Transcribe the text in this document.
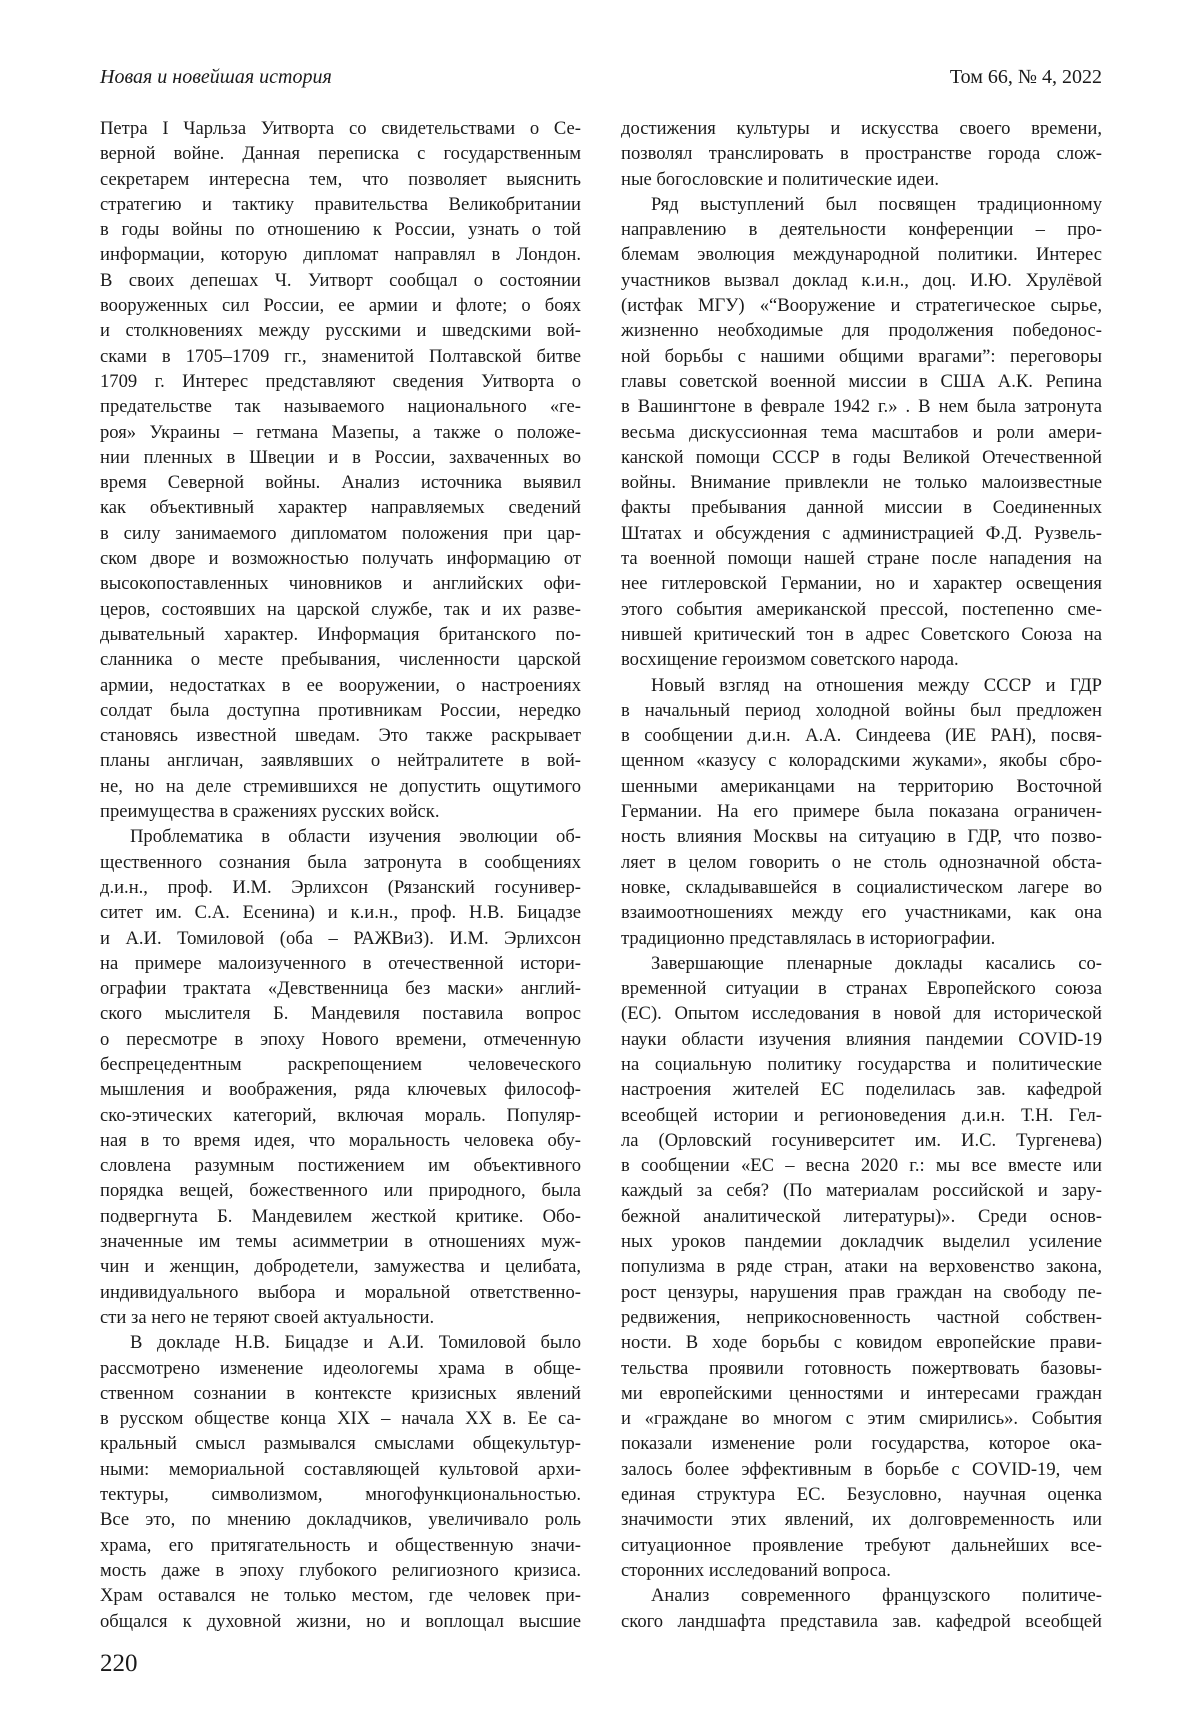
Новая и новейшая история	Том 66, № 4, 2022
Петра I Чарльза Уитворта со свидетельствами о Се-
верной войне. Данная переписка с государственным
секретарем интересна тем, что позволяет выяснить
стратегию и тактику правительства Великобритании
в годы войны по отношению к России, узнать о той
информации, которую дипломат направлял в Лондон.
В своих депешах Ч. Уитворт сообщал о состоянии
вооруженных сил России, ее армии и флоте; о боях
и столкновениях между русскими и шведскими вой-
сками в 1705–1709 гг., знаменитой Полтавской битве
1709 г. Интерес представляют сведения Уитворта о
предательстве так называемого национального «ге-
роя» Украины – гетмана Мазепы, а также о положе-
нии пленных в Швеции и в России, захваченных во
время Северной войны. Анализ источника выявил
как объективный характер направляемых сведений
в силу занимаемого дипломатом положения при цар-
ском дворе и возможностью получать информацию от
высокопоставленных чиновников и английских офи-
церов, состоявших на царской службе, так и их разве-
дывательный характер. Информация британского по-
сланника о месте пребывания, численности царской
армии, недостатках в ее вооружении, о настроениях
солдат была доступна противникам России, нередко
становясь известной шведам. Это также раскрывает
планы англичан, заявлявших о нейтралитете в вой-
не, но на деле стремившихся не допустить ощутимого
преимущества в сражениях русских войск.
Проблематика в области изучения эволюции об-
щественного сознания была затронута в сообщениях
д.и.н., проф. И.М. Эрлихсон (Рязанский госунивер-
ситет им. С.А. Есенина) и к.и.н., проф. Н.В. Бицадзе
и А.И. Томиловой (оба – РАЖВиЗ). И.М. Эрлихсон
на примере малоизученного в отечественной истори-
ографии трактата «Девственница без маски» англий-
ского мыслителя Б. Мандевиля поставила вопрос
о пересмотре в эпоху Нового времени, отмеченную
беспрецедентным раскрепощением человеческого
мышления и воображения, ряда ключевых философ-
ско-этических категорий, включая мораль. Популяр-
ная в то время идея, что моральность человека обу-
словлена разумным постижением им объективного
порядка вещей, божественного или природного, была
подвергнута Б. Мандевилем жесткой критике. Обо-
значенные им темы асимметрии в отношениях муж-
чин и женщин, добродетели, замужества и целибата,
индивидуального выбора и моральной ответственно-
сти за него не теряют своей актуальности.
В докладе Н.В. Бицадзе и А.И. Томиловой было
рассмотрено изменение идеологемы храма в обще-
ственном сознании в контексте кризисных явлений
в русском обществе конца XIX – начала XX в. Ее са-
кральный смысл размывался смыслами общекультур-
ными: мемориальной составляющей культовой архи-
тектуры, символизмом, многофункциональностью.
Все это, по мнению докладчиков, увеличивало роль
храма, его притягательность и общественную значи-
мость даже в эпоху глубокого религиозного кризиса.
Храм оставался не только местом, где человек при-
общался к духовной жизни, но и воплощал высшие
достижения культуры и искусства своего времени,
позволял транслировать в пространстве города слож-
ные богословские и политические идеи.
Ряд выступлений был посвящен традиционному
направлению в деятельности конференции – про-
блемам эволюция международной политики. Интерес
участников вызвал доклад к.и.н., доц. И.Ю. Хрулёвой
(истфак МГУ) «“Вооружение и стратегическое сырье,
жизненно необходимые для продолжения победонос-
ной борьбы с нашими общими врагами”: переговоры
главы советской военной миссии в США А.К. Репина
в Вашингтоне в феврале 1942 г.» . В нем была затронута
весьма дискуссионная тема масштабов и роли амери-
канской помощи СССР в годы Великой Отечественной
войны. Внимание привлекли не только малоизвестные
факты пребывания данной миссии в Соединенных
Штатах и обсуждения с администрацией Ф.Д. Рузвель-
та военной помощи нашей стране после нападения на
нее гитлеровской Германии, но и характер освещения
этого события американской прессой, постепенно сме-
нившей критический тон в адрес Советского Союза на
восхищение героизмом советского народа.
Новый взгляд на отношения между СССР и ГДР
в начальный период холодной войны был предложен
в сообщении д.и.н. А.А. Синдеева (ИЕ РАН), посвя-
щенном «казусу с колорадскими жуками», якобы сбро-
шенными американцами на территорию Восточной
Германии. На его примере была показана ограничен-
ность влияния Москвы на ситуацию в ГДР, что позво-
ляет в целом говорить о не столь однозначной обста-
новке, складывавшейся в социалистическом лагере во
взаимоотношениях между его участниками, как она
традиционно представлялась в историографии.
Завершающие пленарные доклады касались со-
временной ситуации в странах Европейского союза
(ЕС). Опытом исследования в новой для исторической
науки области изучения влияния пандемии COVID-19
на социальную политику государства и политические
настроения жителей ЕС поделилась зав. кафедрой
всеобщей истории и регионоведения д.и.н. Т.Н. Гел-
ла (Орловский госуниверситет им. И.С. Тургенева)
в сообщении «ЕС – весна 2020 г.: мы все вместе или
каждый за себя? (По материалам российской и зару-
бежной аналитической литературы)». Среди основ-
ных уроков пандемии докладчик выделил усиление
популизма в ряде стран, атаки на верховенство закона,
рост цензуры, нарушения прав граждан на свободу пе-
редвижения, неприкосновенность частной собствен-
ности. В ходе борьбы с ковидом европейские прави-
тельства проявили готовность пожертвовать базовы-
ми европейскими ценностями и интересами граждан
и «граждане во многом с этим смирились». События
показали изменение роли государства, которое ока-
залось более эффективным в борьбе с COVID-19, чем
единая структура ЕС. Безусловно, научная оценка
значимости этих явлений, их долговременность или
ситуационное проявление требуют дальнейших все-
сторонних исследований вопроса.
Анализ современного французского политиче-
ского ландшафта представила зав. кафедрой всеобщей
220
